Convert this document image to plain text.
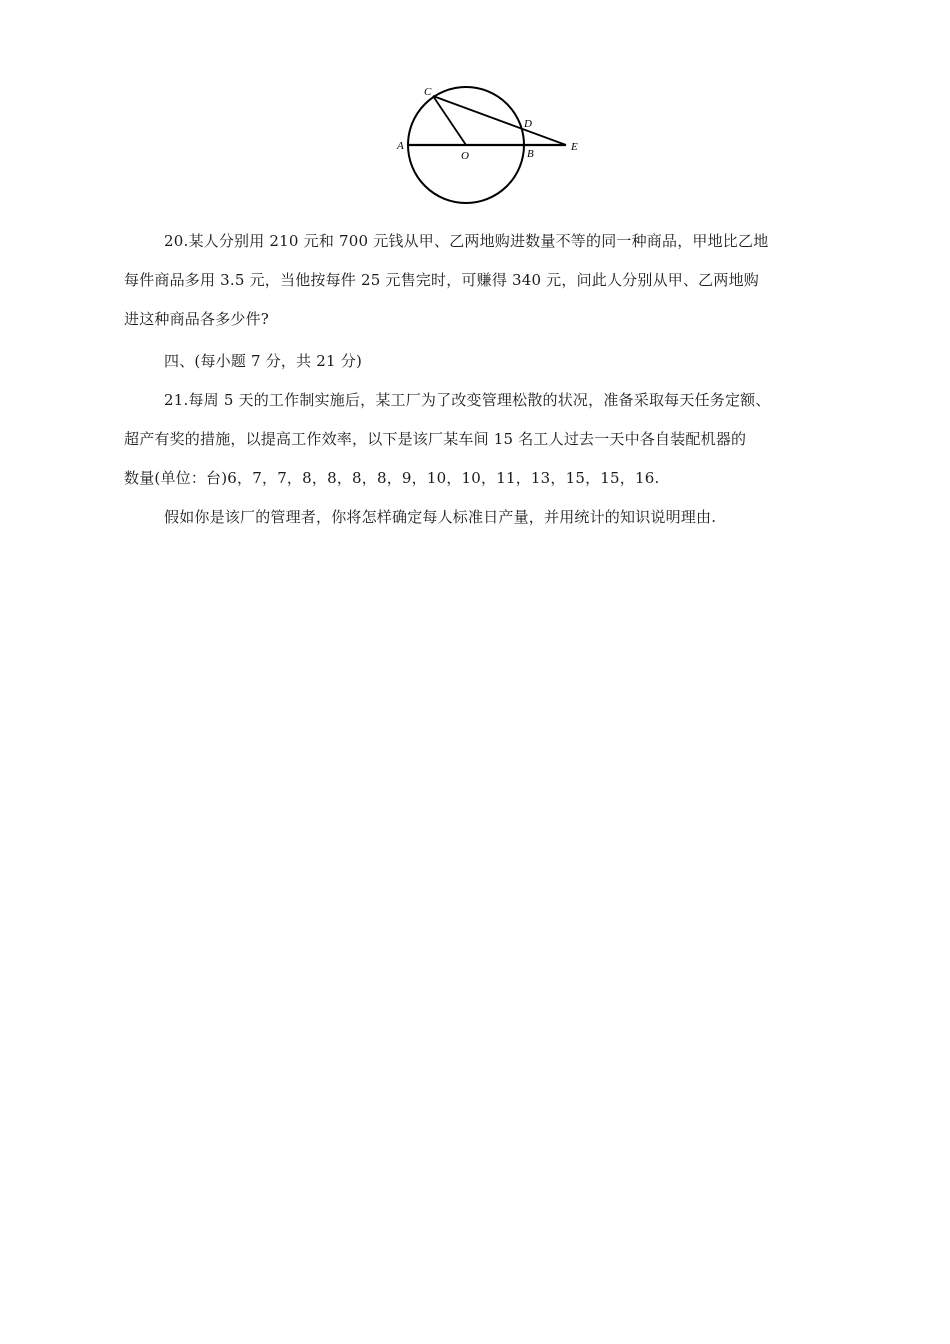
C
A
O
D
B
E
20.某人分别用 210 元和 700 元钱从甲、乙两地购进数量不等的同一种商品，甲地比乙地
每件商品多用 3.5 元，当他按每件 25 元售完时，可赚得 340 元，问此人分别从甲、乙两地购
进这种商品各多少件?
四、(每小题 7 分，共 21 分)
21.每周 5 天的工作制实施后，某工厂为了改变管理松散的状况，准备采取每天任务定额、
超产有奖的措施，以提高工作效率，以下是该厂某车间 15 名工人过去一天中各自装配机器的
数量(单位：台)6，7，7，8，8，8，8，9，10，10，11，13，15，15，16.
假如你是该厂的管理者，你将怎样确定每人标准日产量，并用统计的知识说明理由.
